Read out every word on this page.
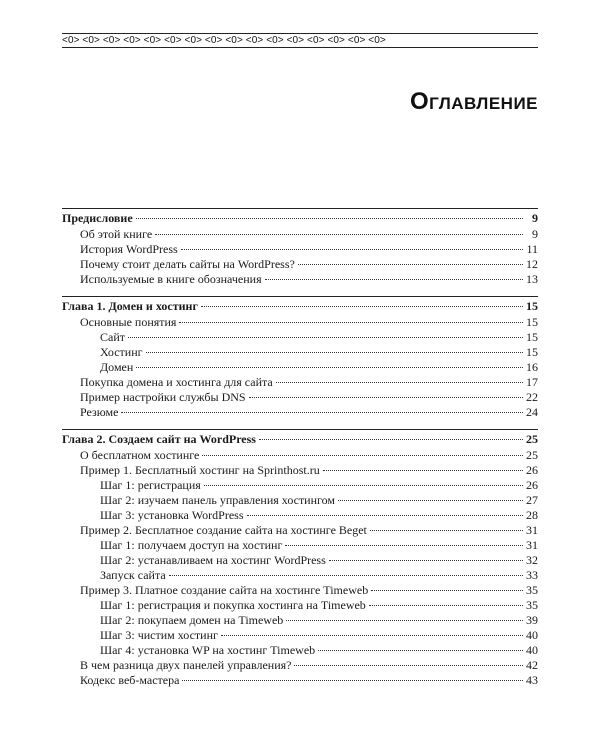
<0> <0> <0> <0> <0> <0> <0> <0> <0> <0> <0> <0> <0> <0> <0> <0>
Оглавление
Предисловие	9
Об этой книге	9
История WordPress	11
Почему стоит делать сайты на WordPress?	12
Используемые в книге обозначения	13
Глава 1. Домен и хостинг	15
Основные понятия	15
Сайт	15
Хостинг	15
Домен	16
Покупка домена и хостинга для сайта	17
Пример настройки службы DNS	22
Резюме	24
Глава 2. Создаем сайт на WordPress	25
О бесплатном хостинге	25
Пример 1. Бесплатный хостинг на Sprinthost.ru	26
Шаг 1: регистрация	26
Шаг 2: изучаем панель управления хостингом	27
Шаг 3: установка WordPress	28
Пример 2. Бесплатное создание сайта на хостинге Beget	31
Шаг 1: получаем доступ на хостинг	31
Шаг 2: устанавливаем на хостинг WordPress	32
Запуск сайта	33
Пример 3. Платное создание сайта на хостинге Timeweb	35
Шаг 1: регистрация и покупка хостинга на Timeweb	35
Шаг 2: покупаем домен на Timeweb	39
Шаг 3: чистим хостинг	40
Шаг 4: установка WP на хостинг Timeweb	40
В чем разница двух панелей управления?	42
Кодекс веб-мастера	43
